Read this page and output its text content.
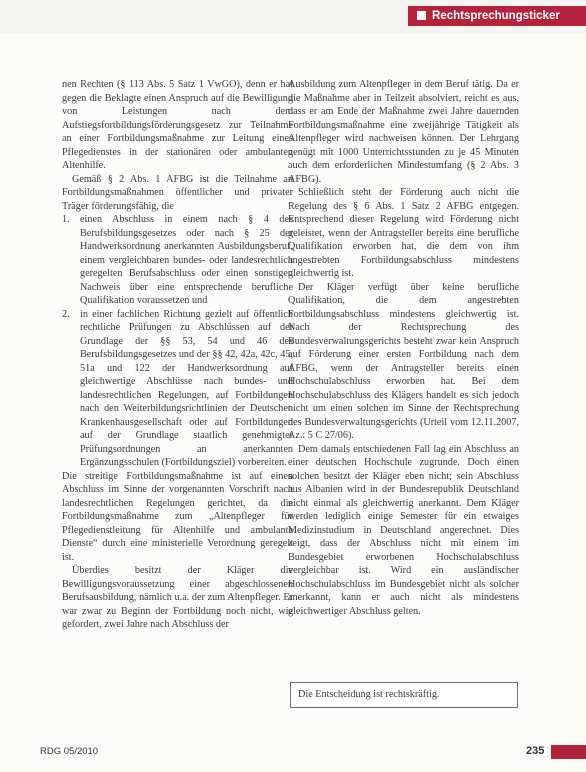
Rechtsprechungsticker

nen Rechten (§ 113 Abs. 5 Satz 1 VwGO), denn er hat gegen die Beklagte einen Anspruch auf die Bewilligung von Leistungen nach dem Aufstiegsfortbildungsförderungsgesetz zur Teilnahme an einer Fortbildungsmaßnahme zur Leitung eines Pflegedienstes in der stationären oder ambulanten Altenhilfe.

Gemäß § 2 Abs. 1 AFBG ist die Teilnahme an Fortbildungsmaßnahmen öffentlicher und privater Träger förderungsfähig, die

1. einen Abschluss in einem nach § 4 des Berufsbildungsgesetzes oder nach § 25 der Handwerksordnung anerkannten Ausbildungsberuf, einem vergleichbaren bundes- oder landesrechtlich geregelten Berufsabschluss oder einen sonstigen Nachweis über eine entsprechende berufliche Qualifikation voraussetzen und
2. in einer fachlichen Richtung gezielt auf öffentlich rechtliche Prüfungen zu Abschlüssen auf der Grundlage der §§ 53, 54 und 46 des Berufsbildungsgesetzes und der §§ 42, 42a, 42c, 45, 51a und 122 der Handwerksordnung auf gleichwertige Abschlüsse nach bundes- und landesrechtlichen Regelungen, auf Fortbildungen nach den Weiterbildungsrichtlinien der Deutschen Krankenhausgesellschaft oder auf Fortbildungen auf der Grundlage staatlich genehmigter Prüfungsordnungen an anerkannten Ergänzungsschulen (Fortbildungsziel) vorbereiten.

Die streitige Fortbildungsmaßnahme ist auf einen Abschluss im Sinne der vorgenannten Vorschrift nach landesrechtlichen Regelungen gerichtet, da die Fortbildungsmaßnahme zum „Altenpfleger für Pflegedienstleitung für Altenhilfe und ambulante Dienste“ durch eine ministerielle Verordnung geregelt ist.

Überdies besitzt der Kläger die Bewilligungsvoraussetzung einer abgeschlossenen Berufsausbildung, nämlich u.a. der zum Altenpfleger. Er war zwar zu Beginn der Fortbildung noch nicht, wie gefordert, zwei Jahre nach Abschluss der

Ausbildung zum Altenpfleger in dem Beruf tätig. Da er die Maßnahme aber in Teilzeit absolviert, reicht es aus, dass er am Ende der Maßnahme zwei Jahre dauernden Fortbildungsmaßnahme eine zweijährige Tätigkeit als Altenpfleger wird nachweisen können. Der Lehrgang genügt mit 1000 Unterrichtsstunden zu je 45 Minuten auch dem erforderlichen Mindestumfang (§ 2 Abs. 3 AFBG).

Schließlich steht der Förderung auch nicht die Regelung des § 6 Abs. 1 Satz 2 AFBG entgegen. Entsprechend dieser Regelung wird Förderung nicht geleistet, wenn der Antragsteller bereits eine berufliche Qualifikation erworben hat, die dem von ihm angestrebten Fortbildungsabschluss mindestens gleichwertig ist.

Der Kläger verfügt über keine berufliche Qualifikation, die dem angestrebten Fortbildungsabschluss mindestens gleichwertig ist. Nach der Rechtsprechung des Bundesverwaltungsgerichts besteht zwar kein Anspruch auf Förderung einer ersten Fortbildung nach dem AFBG, wenn der Antragsteller bereits einen Hochschulabschluss erworben hat. Bei dem Hochschulabschluss des Klägers handelt es sich jedoch nicht um einen solchen im Sinne der Rechtsprechung des Bundesverwaltungsgerichts (Urteil vom 12.11.2007, Az.: 5 C 27/06).

Dem damals entschiedenen Fall lag ein Abschluss an einer deutschen Hochschule zugrunde. Doch einen solchen besitzt der Kläger eben nicht; sein Abschluss aus Albanien wird in der Bundesrepublik Deutschland nicht einmal als gleichwertig anerkannt. Dem Kläger werden lediglich einige Semester für ein etwaiges Medizinstudium in Deutschland angerechnet. Dies zeigt, dass der Abschluss nicht mit einem im Bundesgebiet erworbenen Hochschulabschluss vergleichbar ist. Wird ein ausländischer Hochschulabschluss im Bundesgebiet nicht als solcher anerkannt, kann er auch nicht als mindestens gleichwertiger Abschluss gelten.

Die Entscheidung ist rechtskräftig.
RDG 05/2010	235
